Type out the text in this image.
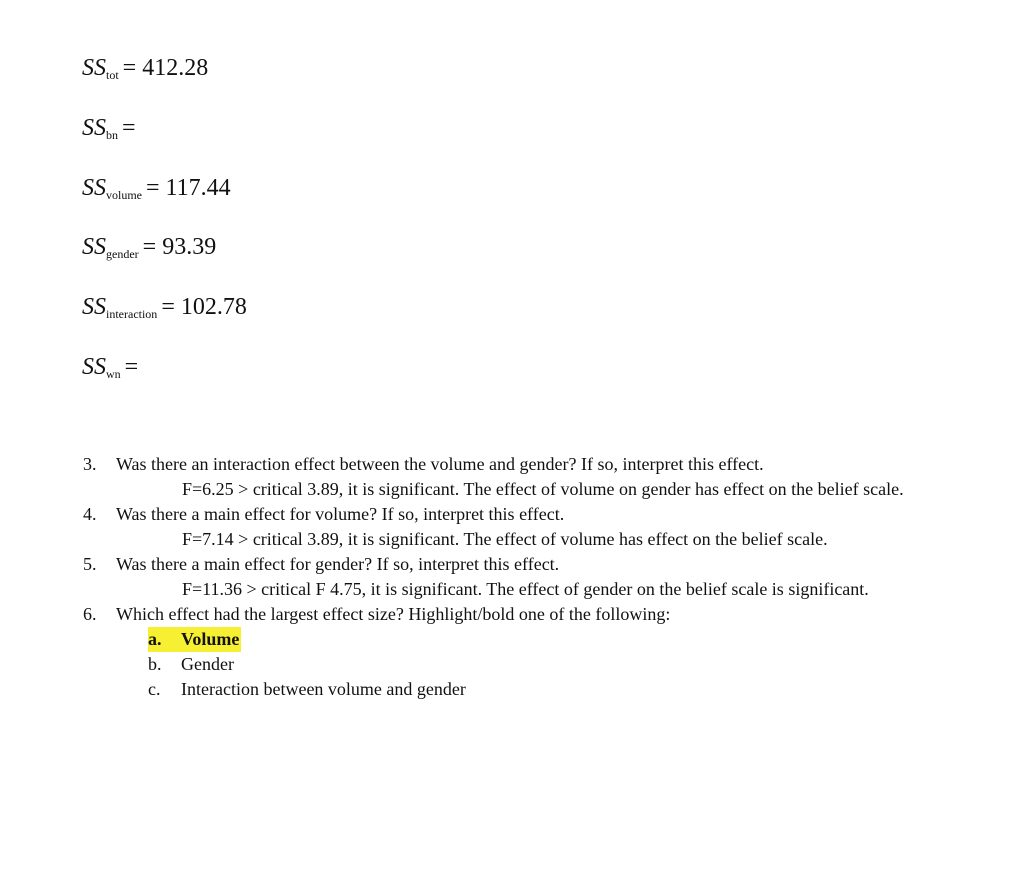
$SS_{tot} = 412.28$
$SS_{bn}$ =
$SS_{volume} = 117.44$
$SS_{gender} = 93.39$
$SS_{interaction} = 102.78$
$SS_{wn}$ =
3. Was there an interaction effect between the volume and gender? If so, interpret this effect.
F=6.25 > critical 3.89, it is significant. The effect of volume on gender has effect on the belief scale.
4. Was there a main effect for volume? If so, interpret this effect.
F=7.14 > critical 3.89, it is significant. The effect of volume has effect on the belief scale.
5. Was there a main effect for gender? If so, interpret this effect.
F=11.36 > critical F 4.75, it is significant. The effect of gender on the belief scale is significant.
6. Which effect had the largest effect size? Highlight/bold one of the following:
a. Volume
b. Gender
c. Interaction between volume and gender
